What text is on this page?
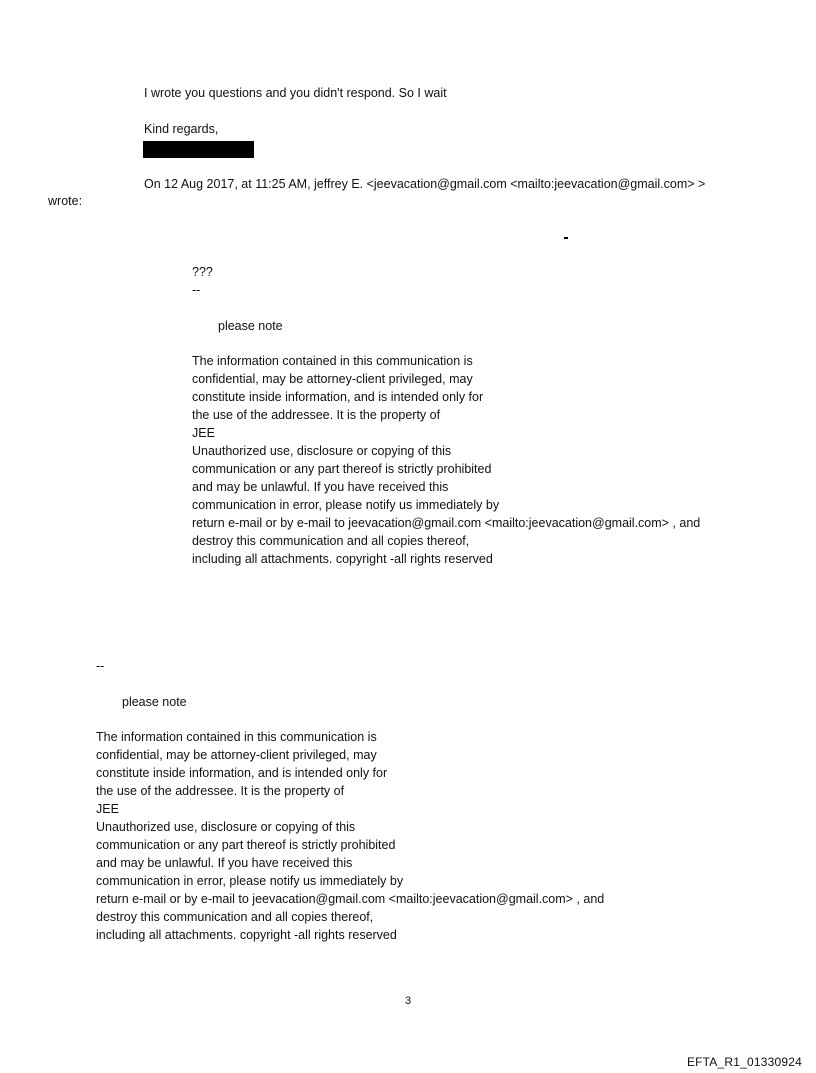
I wrote you questions and you didn't respond. So I wait
Kind regards,
On 12 Aug 2017, at 11:25 AM, jeffrey E. <jeevacation@gmail.com <mailto:jeevacation@gmail.com> >
wrote:
???
--
please note
The information contained in this communication is
confidential, may be attorney-client privileged, may
constitute inside information, and is intended only for
the use of the addressee. It is the property of
JEE
Unauthorized use, disclosure or copying of this
communication or any part thereof is strictly prohibited
and may be unlawful. If you have received this
communication in error, please notify us immediately by
return e-mail or by e-mail to jeevacation@gmail.com <mailto:jeevacation@gmail.com> , and
destroy this communication and all copies thereof,
including all attachments. copyright -all rights reserved
--
please note
The information contained in this communication is
confidential, may be attorney-client privileged, may
constitute inside information, and is intended only for
the use of the addressee. It is the property of
JEE
Unauthorized use, disclosure or copying of this
communication or any part thereof is strictly prohibited
and may be unlawful. If you have received this
communication in error, please notify us immediately by
return e-mail or by e-mail to jeevacation@gmail.com <mailto:jeevacation@gmail.com> , and
destroy this communication and all copies thereof,
including all attachments. copyright -all rights reserved
3
EFTA_R1_01330924
